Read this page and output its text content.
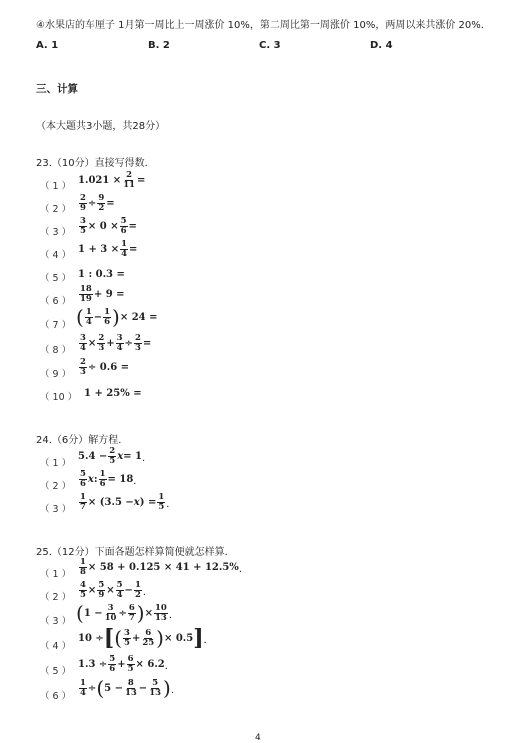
④水果店的车厘子 1月第一周比上一周涨价 10%，第二周比第一周涨价 10%，两周以来共涨价 20%．
A. 1	B. 2	C. 3	D. 4
三、计算
（本大题共3小题，共28分）
23.（10分）直接写得数．
（ 1 ）
$1.021 \times \frac{2}{11}$ =
（ 2 ） $\frac{2}{9} \div \frac{9}{2}$ =
（ 3 ） $\frac{3}{5} \times 0 \times \frac{5}{6}$ =
（ 4 ）
$1 + 3 \times \frac{1}{4}$ =
（ 5 ） 1 : 0.3 =
（ 6 ） $\frac{18}{19} + 9$ =
（ 7 ） ( $\frac{1}{4} - \frac{1}{6}$ ) × 24 =
（ 8 ） $\frac{3}{4} \times \frac{2}{3} + \frac{3}{4} \div \frac{2}{3}$ =
（ 9 ） $\frac{2}{3} \div 0.6$ =
（ 10 ） 1 + 25% =
24.（6分）解方程．
（ 1 ）
$5.4 - \frac{2}{5}$ x = 1 ．
（ 2 ） $\frac{5}{6}$ x : $\frac{1}{6} = 18$ ．
（ 3 ） $\frac{1}{7} \times (3.5 - x$ ) = $\frac{1}{5}$ ．
25.（12分）下面各题怎样算简便就怎样算．
（ 1 ） $\frac{1}{8} \times 58 + 0.125 \times 41 + 12.5\%$ ．
（ 2 ） $\frac{4}{5} \times \frac{5}{9} \times \frac{5}{4} - \frac{1}{2}$ ．
（ 3 ） ( $1 - \frac{3}{10} \div \frac{6}{7}$ ) × $\frac{10}{13}$ ．
（ 4 ）
10 ÷ [ ( $\frac{3}{5} + \frac{6}{25}$ ) × 0.5 ] ．
（ 5 ）
$1.3 \div \frac{5}{6} + \frac{6}{5} \times 6.2$ ．
（ 6 ） $\frac{1}{4}$ ÷ ( $5 - \frac{8}{13} - \frac{5}{13}$ ) ．
4
